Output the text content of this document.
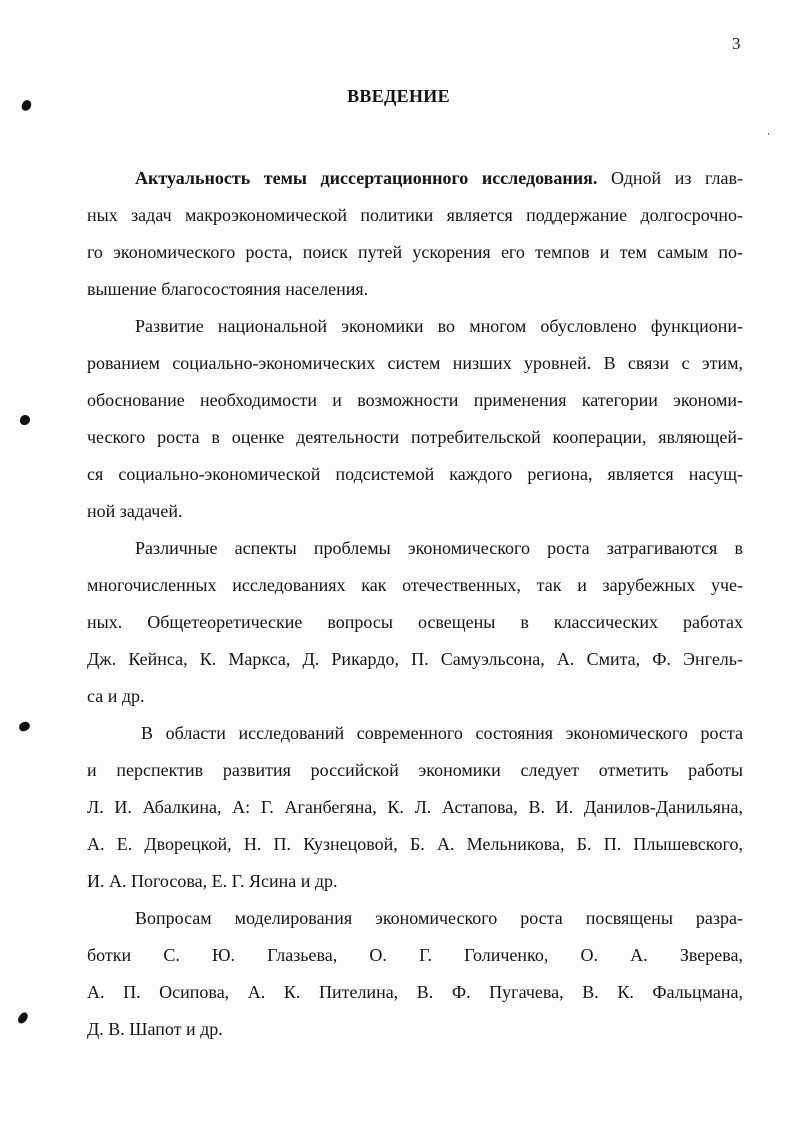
3
ВВЕДЕНИЕ
Актуальность темы диссертационного исследования. Одной из глав-
ных задач макроэкономической политики является поддержание долгосрочно-
го экономического роста, поиск путей ускорения его темпов и тем самым по-
вышение благосостояния населения.
Развитие национальной экономики во многом обусловлено функциони-
рованием социально-экономических систем низших уровней. В связи с этим,
обоснование необходимости и возможности применения категории экономи-
ческого роста в оценке деятельности потребительской кооперации, являющей-
ся социально-экономической подсистемой каждого региона, является насущ-
ной задачей.
Различные аспекты проблемы экономического роста затрагиваются в
многочисленных исследованиях как отечественных, так и зарубежных уче-
ных. Общетеоретические вопросы освещены в классических работах
Дж. Кейнса, К. Маркса, Д. Рикардо, П. Самуэльсона, А. Смита, Ф. Энгель-
са и др.
В области исследований современного состояния экономического роста
и перспектив развития российской экономики следует отметить работы
Л. И. Абалкина, А: Г. Аганбегяна, К. Л. Астапова, В. И. Данилов-Данильяна,
А. Е. Дворецкой, Н. П. Кузнецовой, Б. А. Мельникова, Б. П. Плышевского,
И. А. Погосова, Е. Г. Ясина и др.
Вопросам моделирования экономического роста посвящены разра-
ботки С. Ю. Глазьева, О. Г. Голиченко, О. А. Зверева,
А. П. Осипова, А. К. Пителина, В. Ф. Пугачева, В. К. Фальцмана,
Д. В. Шапот и др.
